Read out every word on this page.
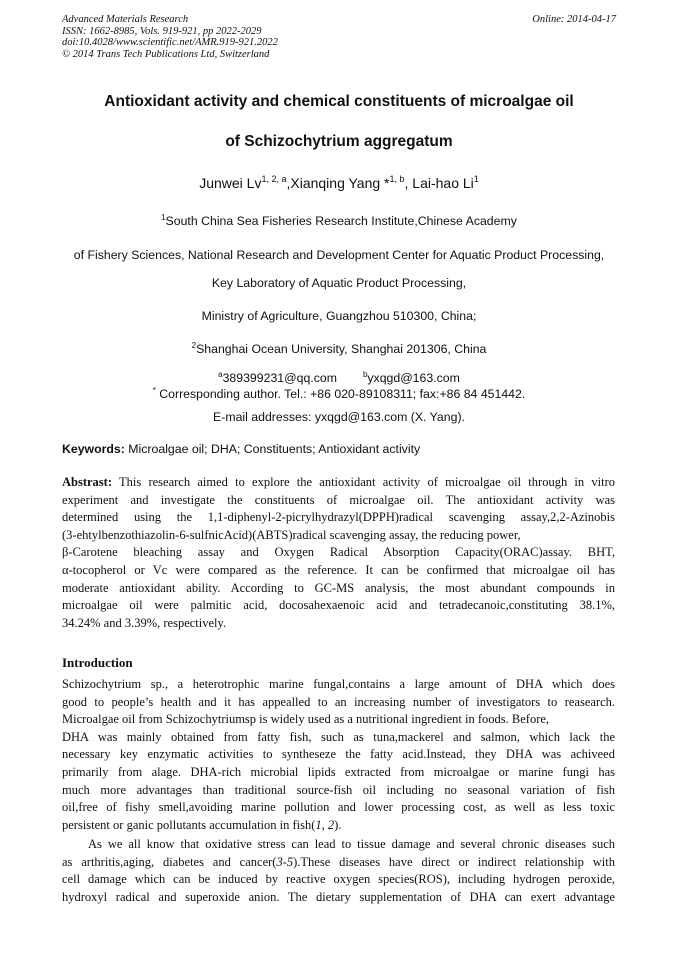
Advanced Materials Research
ISSN: 1662-8985, Vols. 919-921, pp 2022-2029
doi:10.4028/www.scientific.net/AMR.919-921.2022
© 2014 Trans Tech Publications Ltd, Switzerland
Online: 2014-04-17
Antioxidant activity and chemical constituents of microalgae oil
of Schizochytrium aggregatum
Junwei Lv$^{1, 2, a}$,Xianqing Yang *$^{1, b}$, Lai-hao Li$^1$
$^1$South China Sea Fisheries Research Institute,Chinese Academy
of Fishery Sciences, National Research and Development Center for Aquatic Product Processing,
Key Laboratory of Aquatic Product Processing,
Ministry of Agriculture, Guangzhou 510300, China;
$^2$Shanghai Ocean University, Shanghai 201306, China
$^a$389399231@qq.com	$^b$yxqgd@163.com
* Corresponding author. Tel.: +86 020-89108311; fax:+86 84 451442.
E-mail addresses: yxqgd@163.com (X. Yang).
Keywords: Microalgae oil; DHA; Constituents; Antioxidant activity
Abstrast: This research aimed to explore the antioxidant activity of microalgae oil through in vitro
experiment and investigate the constituents of microalgae oil. The antioxidant activity was
determined using the 1,1-diphenyl-2-picrylhydrazyl(DPPH)radical scavenging assay,2,2-Azinobis
(3-ehtylbenzothiazolin-6-sulfnicAcid)(ABTS)radical scavenging assay, the reducing power,
β-Carotene bleaching assay and Oxygen Radical Absorption Capacity(ORAC)assay. BHT,
α-tocopherol or Vc were compared as the reference. It can be confirmed that microalgae oil has
moderate antioxidant ability. According to GC-MS analysis, the most abundant compounds in
microalgae oil were palmitic acid, docosahexaenoic acid and tetradecanoic,constituting 38.1%,
34.24% and 3.39%, respectively.
Introduction
Schizochytrium sp., a heterotrophic marine fungal,contains a large amount of DHA which does
good to people’s health and it has appealled to an increasing number of investigators to reasearch.
Microalgae oil from Schizochytriumsp is widely used as a nutritional ingredient in foods. Before,
DHA was mainly obtained from fatty fish, such as tuna,mackerel and salmon, which lack the
necessary key enzymatic activities to syntheseze the fatty acid.Instead, they DHA was achiveed
primarily from alage. DHA-rich microbial lipids extracted from microalgae or marine fungi has
much more advantages than traditional source-fish oil including no seasonal variation of fish
oil,free of fishy smell,avoiding marine pollution and lower processing cost, as well as less toxic
persistent or ganic pollutants accumulation in fish(1, 2).
As we all know that oxidative stress can lead to tissue damage and several chronic diseases such
as arthritis,aging, diabetes and cancer(3-5).These diseases have direct or indirect relationship with
cell damage which can be induced by reactive oxygen species(ROS), including hydrogen peroxide,
hydroxyl radical and superoxide anion. The dietary supplementation of DHA can exert advantage
